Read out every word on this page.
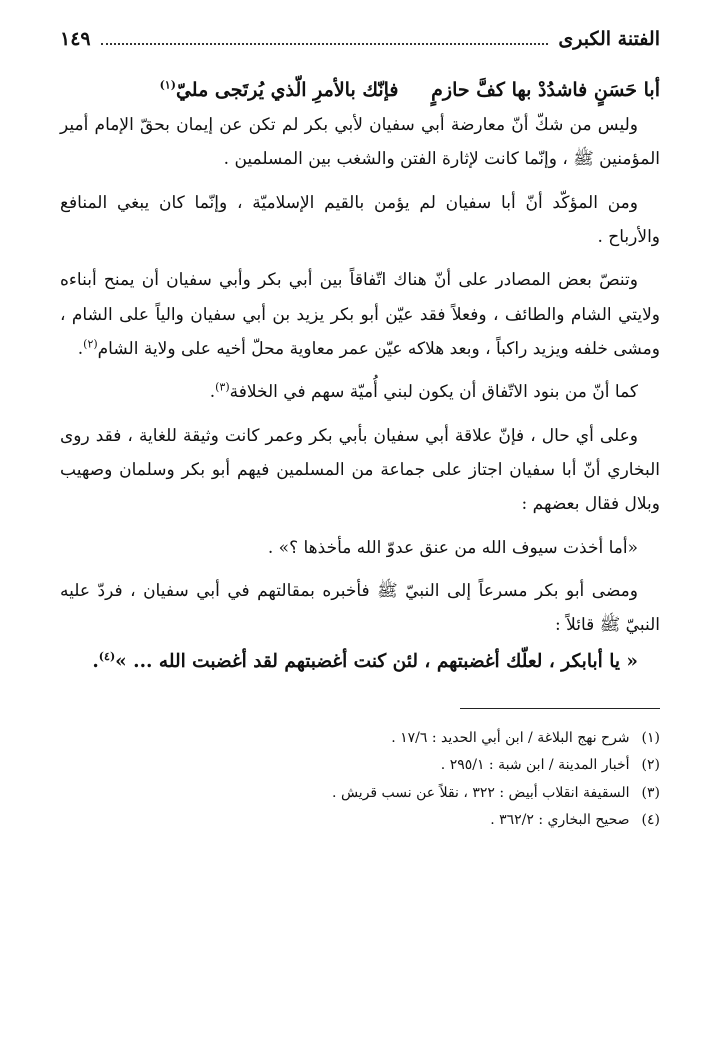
الفتنة الكبرى
١٤٩
أبا حَسَنٍ فاشدُدْ بها كفَّ حازمٍ فإنّك بالأمرِ الّذي يُرتَجى مليّ$^{(١)}$

وليس من شكّ أنّ معارضة أبي سفيان لأبي بكر لم تكن عن إيمان بحقّ الإمام أمير المؤمنين ﷺ ، وإنّما كانت لإثارة الفتن والشغب بين المسلمين .

ومن المؤكّد أنّ أبا سفيان لم يؤمن بالقيم الإسلاميّة ، وإنّما كان يبغي المنافع والأرباح .

وتنصّ بعض المصادر على أنّ هناك اتّفاقاً بين أبي بكر وأبي سفيان أن يمنح أبناءه ولايتي الشام والطائف ، وفعلاً فقد عيّن أبو بكر يزيد بن أبي سفيان والياً على الشام ، ومشى خلفه ويزيد راكباً ، وبعد هلاكه عيّن عمر معاوية محلّ أخيه على ولاية الشام$^{(٢)}$.

كما أنّ من بنود الاتّفاق أن يكون لبني أُميّة سهم في الخلافة$^{(٣)}$.

وعلى أي حال ، فإنّ علاقة أبي سفيان بأبي بكر وعمر كانت وثيقة للغاية ، فقد روى البخاري أنّ أبا سفيان اجتاز على جماعة من المسلمين فيهم أبو بكر وسلمان وصهيب وبلال فقال بعضهم :

«أما أخذت سيوف الله من عنق عدوّ الله مأخذها ؟» .

ومضى أبو بكر مسرعاً إلى النبيّ ﷺ فأخبره بمقالتهم في أبي سفيان ، فردّ عليه النبيّ ﷺ قائلاً :

« يا أبابكر ، لعلّك أغضبتهم ، لئن كنت أغضبتهم لقد أغضبت الله ... »$^{(٤)}$.

(١) شرح نهج البلاغة / ابن أبي الحديد : ١٧/٦ .
(٢) أخبار المدينة / ابن شبة : ٢٩٥/١ .
(٣) السقيفة انقلاب أبيض : ٣٢٢ ، نقلاً عن نسب قريش .
(٤) صحيح البخاري : ٣٦٢/٢ .
